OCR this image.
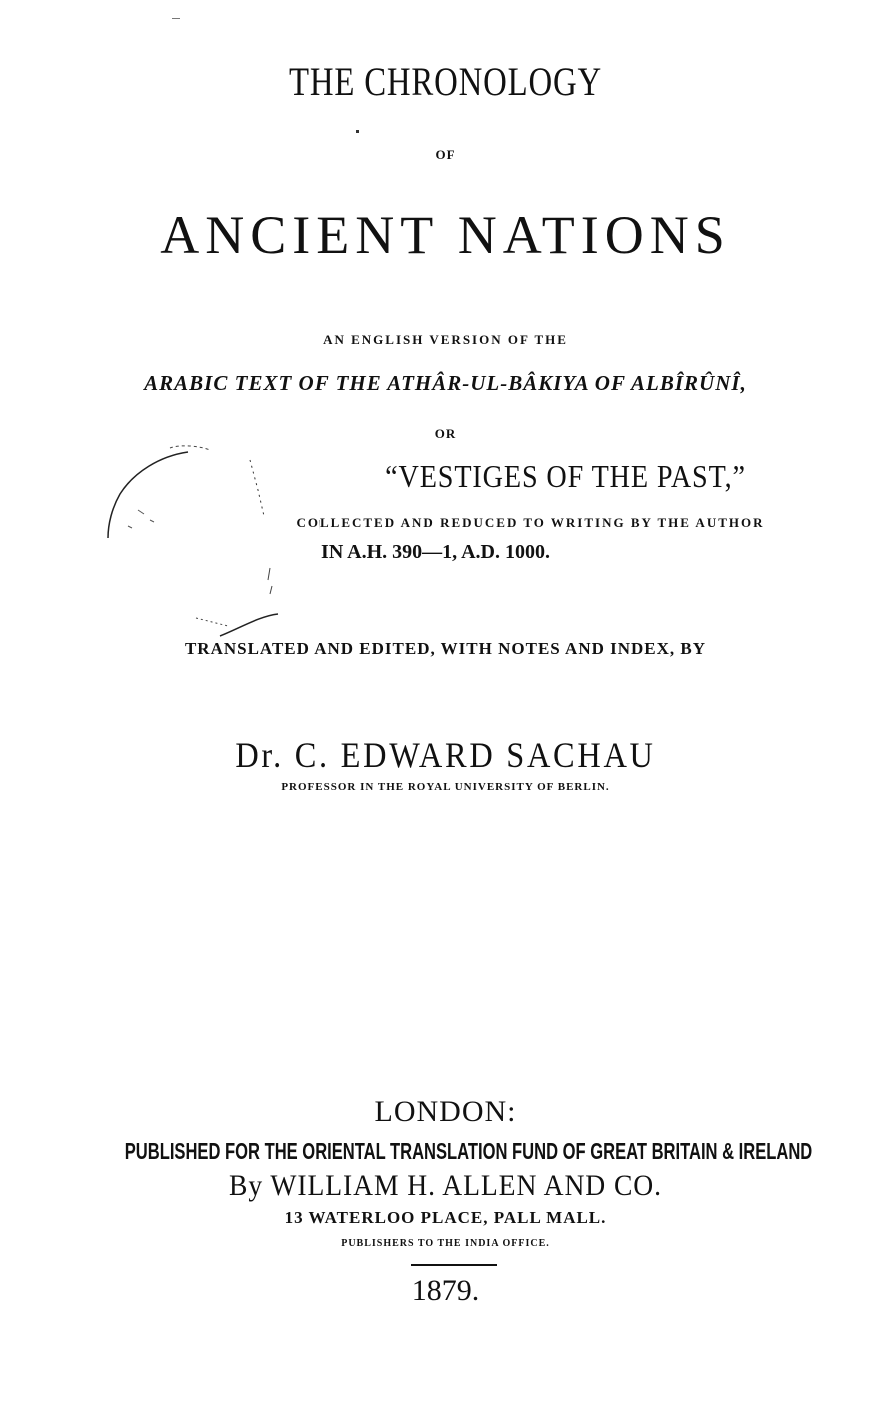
THE CHRONOLOGY
OF
ANCIENT NATIONS
AN ENGLISH VERSION OF THE
ARABIC TEXT OF THE ATHÂR-UL-BÂKIYA OF ALBÎRÛNÎ,
OR
“VESTIGES OF THE PAST,”
COLLECTED AND REDUCED TO WRITING BY THE AUTHOR
IN A.H. 390—1, A.D. 1000.
TRANSLATED AND EDITED, WITH NOTES AND INDEX, BY
Dr. C. EDWARD SACHAU
PROFESSOR IN THE ROYAL UNIVERSITY OF BERLIN.
LONDON:
PUBLISHED FOR THE ORIENTAL TRANSLATION FUND OF GREAT BRITAIN & IRELAND
By WILLIAM H. ALLEN AND CO.
13 WATERLOO PLACE, PALL MALL.
PUBLISHERS TO THE INDIA OFFICE.
1879.
